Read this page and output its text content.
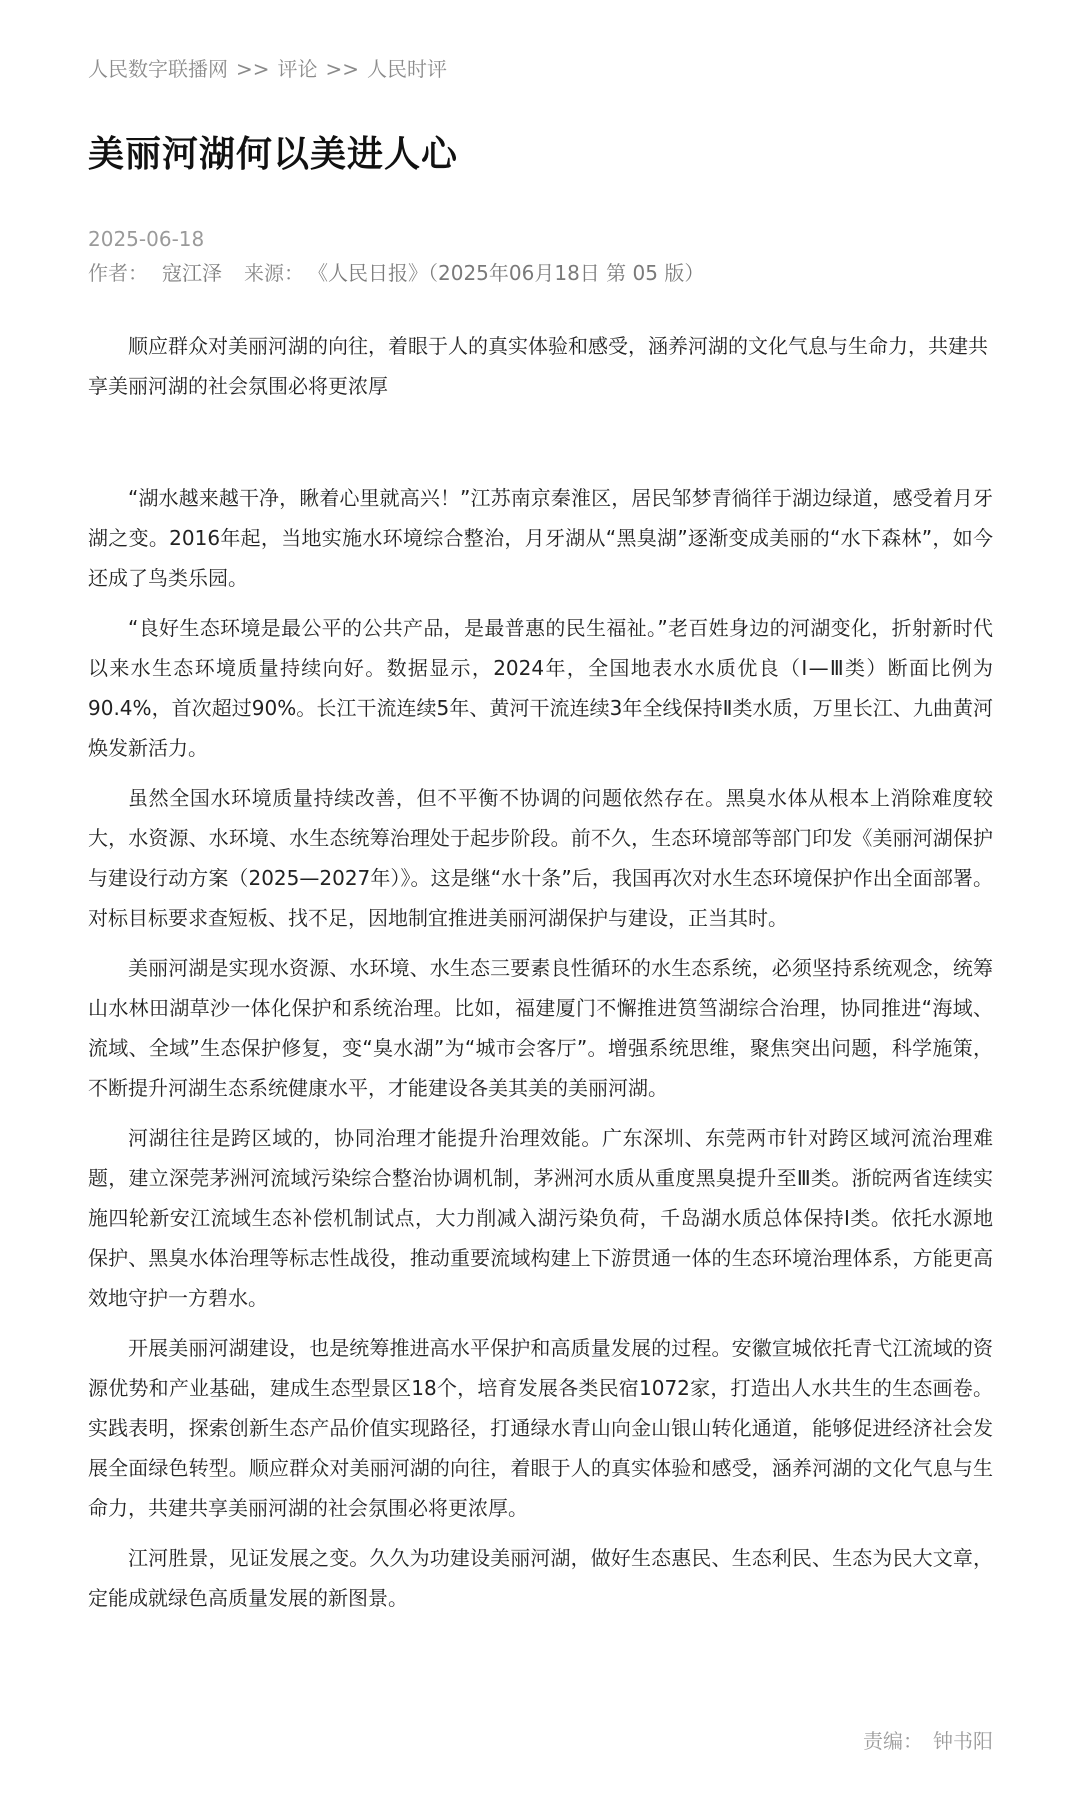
人民数字联播网 >> 评论 >> 人民时评
美丽河湖何以美进人心
2025-06-18
作者： 寇江泽 来源： 《人民日报》（2025年06月18日 第 05 版）

顺应群众对美丽河湖的向往，着眼于人的真实体验和感受，涵养河湖的文化气息与生命力，共建共享美丽河湖的社会氛围必将更浓厚

“湖水越来越干净，瞅着心里就高兴！”江苏南京秦淮区，居民邹梦青徜徉于湖边绿道，感受着月牙湖之变。2016年起，当地实施水环境综合整治，月牙湖从“黑臭湖”逐渐变成美丽的“水下森林”，如今还成了鸟类乐园。

“良好生态环境是最公平的公共产品，是最普惠的民生福祉。”老百姓身边的河湖变化，折射新时代以来水生态环境质量持续向好。数据显示，2024年，全国地表水水质优良（Ⅰ—Ⅲ类）断面比例为90.4%，首次超过90%。长江干流连续5年、黄河干流连续3年全线保持Ⅱ类水质，万里长江、九曲黄河焕发新活力。

虽然全国水环境质量持续改善，但不平衡不协调的问题依然存在。黑臭水体从根本上消除难度较大，水资源、水环境、水生态统筹治理处于起步阶段。前不久，生态环境部等部门印发《美丽河湖保护与建设行动方案（2025—2027年）》。这是继“水十条”后，我国再次对水生态环境保护作出全面部署。对标目标要求查短板、找不足，因地制宜推进美丽河湖保护与建设，正当其时。

美丽河湖是实现水资源、水环境、水生态三要素良性循环的水生态系统，必须坚持系统观念，统筹山水林田湖草沙一体化保护和系统治理。比如，福建厦门不懈推进筼筜湖综合治理，协同推进“海域、流域、全域”生态保护修复，变“臭水湖”为“城市会客厅”。增强系统思维，聚焦突出问题，科学施策，不断提升河湖生态系统健康水平，才能建设各美其美的美丽河湖。

河湖往往是跨区域的，协同治理才能提升治理效能。广东深圳、东莞两市针对跨区域河流治理难题，建立深莞茅洲河流域污染综合整治协调机制，茅洲河水质从重度黑臭提升至Ⅲ类。浙皖两省连续实施四轮新安江流域生态补偿机制试点，大力削减入湖污染负荷，千岛湖水质总体保持Ⅰ类。依托水源地保护、黑臭水体治理等标志性战役，推动重要流域构建上下游贯通一体的生态环境治理体系，方能更高效地守护一方碧水。

开展美丽河湖建设，也是统筹推进高水平保护和高质量发展的过程。安徽宣城依托青弋江流域的资源优势和产业基础，建成生态型景区18个，培育发展各类民宿1072家，打造出人水共生的生态画卷。实践表明，探索创新生态产品价值实现路径，打通绿水青山向金山银山转化通道，能够促进经济社会发展全面绿色转型。顺应群众对美丽河湖的向往，着眼于人的真实体验和感受，涵养河湖的文化气息与生命力，共建共享美丽河湖的社会氛围必将更浓厚。

江河胜景，见证发展之变。久久为功建设美丽河湖，做好生态惠民、生态利民、生态为民大文章，定能成就绿色高质量发展的新图景。

责编： 钟书阳
